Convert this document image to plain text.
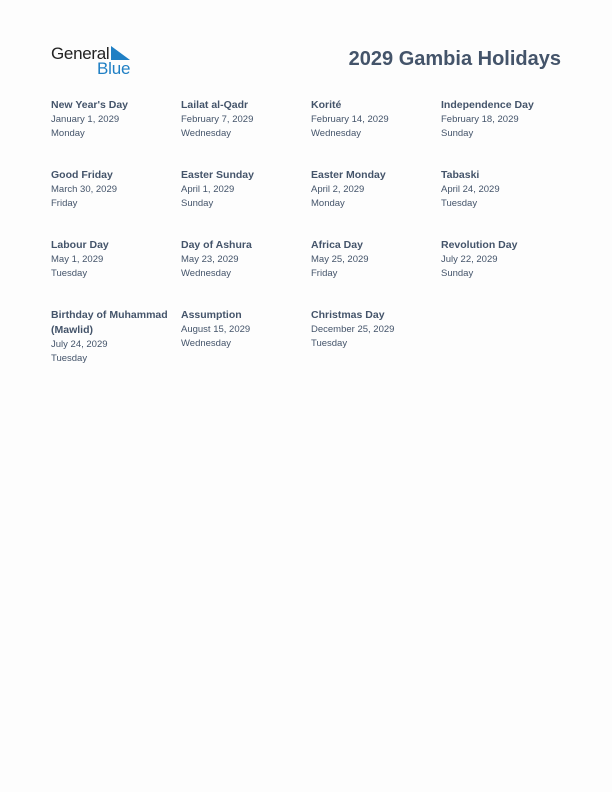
General
Blue	2029 Gambia Holidays
New Year's Day
January 1, 2029
Monday
Lailat al-Qadr
February 7, 2029
Wednesday
Korité
February 14, 2029
Wednesday
Independence Day
February 18, 2029
Sunday
Good Friday
March 30, 2029
Friday
Easter Sunday
April 1, 2029
Sunday
Easter Monday
April 2, 2029
Monday
Tabaski
April 24, 2029
Tuesday
Labour Day
May 1, 2029
Tuesday
Day of Ashura
May 23, 2029
Wednesday
Africa Day
May 25, 2029
Friday
Revolution Day
July 22, 2029
Sunday
Birthday of Muhammad (Mawlid)
July 24, 2029
Tuesday
Assumption
August 15, 2029
Wednesday
Christmas Day
December 25, 2029
Tuesday
